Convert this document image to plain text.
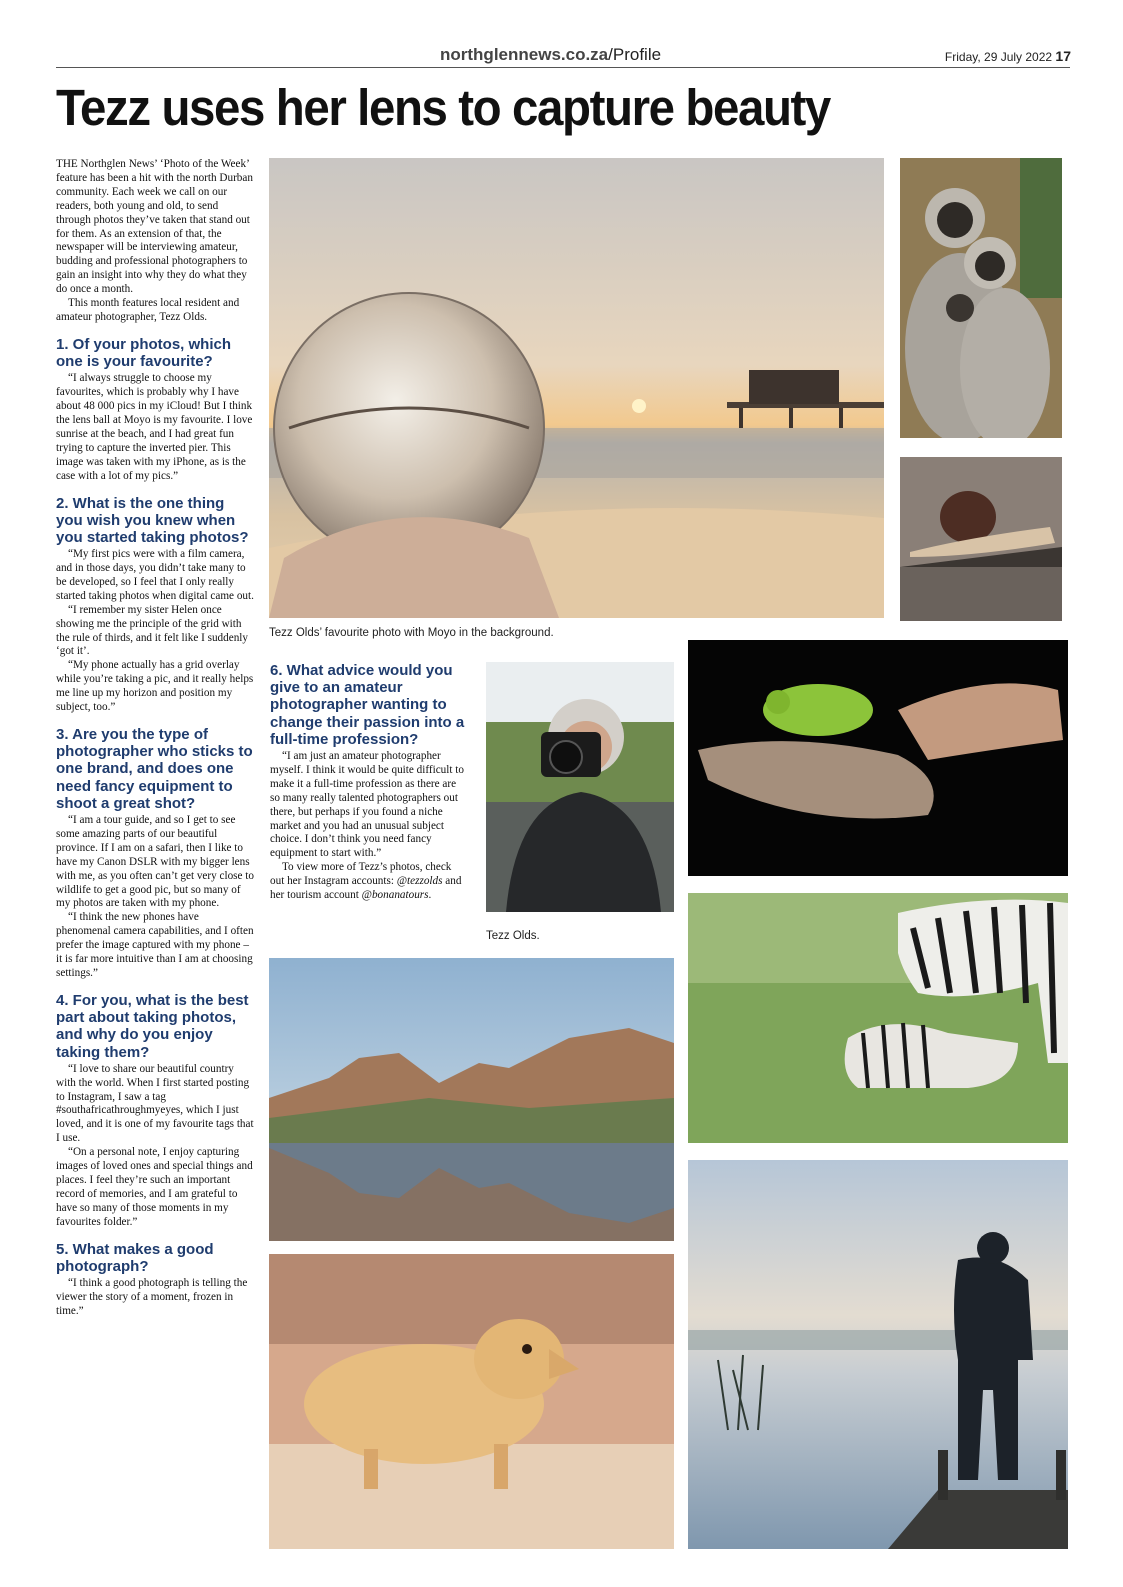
northglennews.co.za/Profile	Friday, 29 July 2022 17
Tezz uses her lens to capture beauty

THE Northglen News’ ‘Photo of the Week’ feature has been a hit with the north Durban community. Each week we call on our readers, both young and old, to send through photos they’ve taken that stand out for them. As an extension of that, the newspaper will be interviewing amateur, budding and professional photographers to gain an insight into why they do what they do once a month.

This month features local resident and amateur photographer, Tezz Olds.

1. Of your photos, which one is your favourite?

“I always struggle to choose my favourites, which is probably why I have about 48 000 pics in my iCloud! But I think the lens ball at Moyo is my favourite. I love sunrise at the beach, and I had great fun trying to capture the inverted pier. This image was taken with my iPhone, as is the case with a lot of my pics.”

2. What is the one thing you wish you knew when you started taking photos?

“My first pics were with a film camera, and in those days, you didn’t take many to be developed, so I feel that I only really started taking photos when digital came out.

“I remember my sister Helen once showing me the principle of the grid with the rule of thirds, and it felt like I suddenly ‘got it’.

“My phone actually has a grid overlay while you’re taking a pic, and it really helps me line up my horizon and position my subject, too.”

3. Are you the type of photographer who sticks to one brand, and does one need fancy equipment to shoot a great shot?

“I am a tour guide, and so I get to see some amazing parts of our beautiful province. If I am on a safari, then I like to have my Canon DSLR with my bigger lens with me, as you often can’t get very close to wildlife to get a good pic, but so many of my photos are taken with my phone.

“I think the new phones have phenomenal camera capabilities, and I often prefer the image captured with my phone – it is far more intuitive than I am at choosing settings.”

4. For you, what is the best part about taking photos, and why do you enjoy taking them?

“I love to share our beautiful country with the world. When I first started posting to Instagram, I saw a tag #southafricathroughmyeyes, which I just loved, and it is one of my favourite tags that I use.

“On a personal note, I enjoy capturing images of loved ones and special things and places. I feel they’re such an important record of memories, and I am grateful to have so many of those moments in my favourites folder.”

5. What makes a good photograph?

“I think a good photograph is telling the viewer the story of a moment, frozen in time.”

6. What advice would you give to an amateur photographer wanting to change their passion into a full-time profession?

“I am just an amateur photographer myself. I think it would be quite difficult to make it a full-time profession as there are so many really talented photographers out there, but perhaps if you found a niche market and you had an unusual subject choice. I don’t think you need fancy equipment to start with.”

To view more of Tezz’s photos, check out her Instagram accounts: @tezzolds and her tourism account @bonanatours.

Tezz Olds’ favourite photo with Moyo in the background.
Tezz Olds.
